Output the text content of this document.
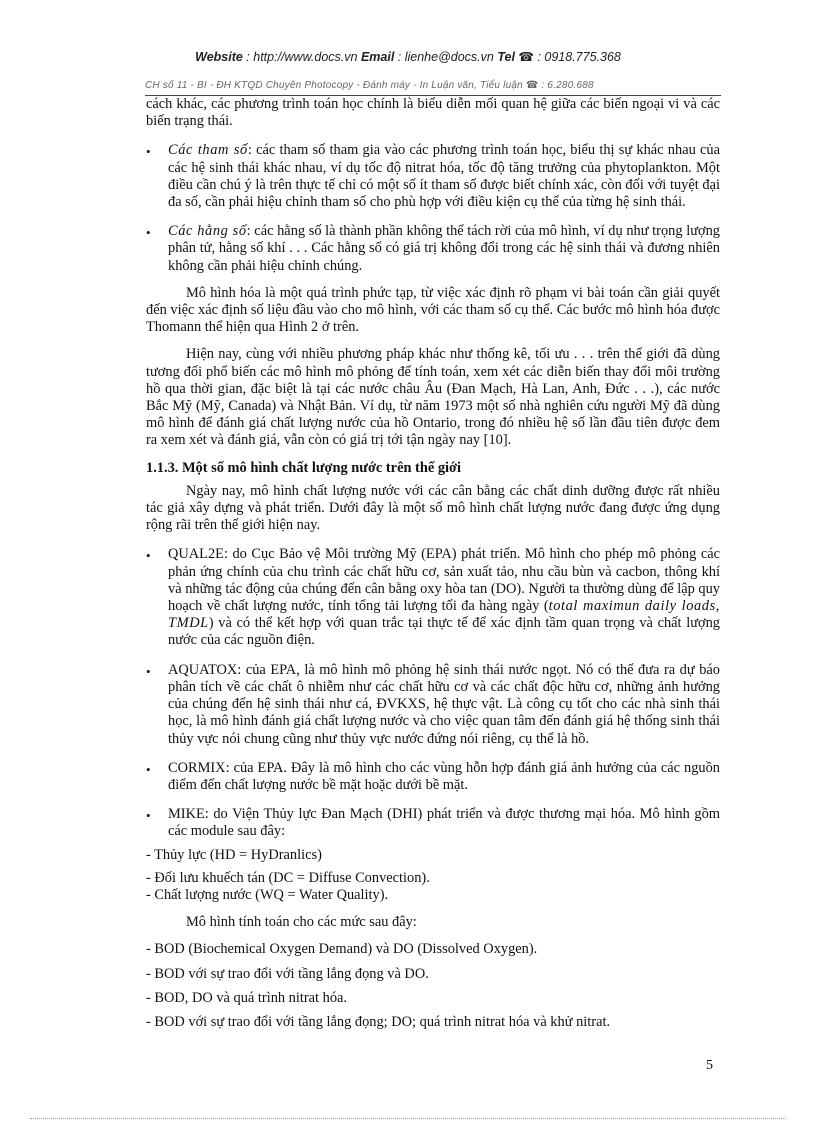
Website : http://www.docs.vn Email : lienhe@docs.vn Tel ☎ : 0918.775.368
CH số 11 - BI - ĐH KTQD Chuyên Photocopy - Đánh máy - In Luận văn, Tiểu luận ☎ : 6.280.688

cách khác, các phương trình toán học chính là biểu diễn mối quan hệ giữa các biến ngoại vi và các biến trạng thái.

• Các tham số: các tham số tham gia vào các phương trình toán học, biểu thị sự khác nhau của các hệ sinh thái khác nhau, ví dụ tốc độ nitrat hóa, tốc độ tăng trưởng của phytoplankton. Một điều cần chú ý là trên thực tế chỉ có một số ít tham số được biết chính xác, còn đối với tuyệt đại đa số, cần phải hiệu chỉnh tham số cho phù hợp với điều kiện cụ thể của từng hệ sinh thái.

• Các hằng số: các hằng số là thành phần không thể tách rời của mô hình, ví dụ như trọng lượng phân tử, hằng số khí . . . Các hằng số có giá trị không đổi trong các hệ sinh thái và đương nhiên không cần phải hiệu chỉnh chúng.

Mô hình hóa là một quá trình phức tạp, từ việc xác định rõ phạm vi bài toán cần giải quyết đến việc xác định số liệu đầu vào cho mô hình, với các tham số cụ thể. Các bước mô hình hóa được Thomann thể hiện qua Hình 2 ở trên.

Hiện nay, cùng với nhiều phương pháp khác như thống kê, tối ưu . . . trên thế giới đã dùng tương đối phổ biến các mô hình mô phỏng để tính toán, xem xét các diễn biến thay đổi môi trường hồ qua thời gian, đặc biệt là tại các nước châu Âu (Đan Mạch, Hà Lan, Anh, Đức . . .), các nước Bắc Mỹ (Mỹ, Canada) và Nhật Bản. Ví dụ, từ năm 1973 một số nhà nghiên cứu người Mỹ đã dùng mô hình để đánh giá chất lượng nước của hồ Ontario, trong đó nhiều hệ số lần đầu tiên được đem ra xem xét và đánh giá, vẫn còn có giá trị tới tận ngày nay [10].

1.1.3. Một số mô hình chất lượng nước trên thế giới

Ngày nay, mô hình chất lượng nước với các cân bằng các chất dinh dưỡng được rất nhiều tác giả xây dựng và phát triển. Dưới đây là một số mô hình chất lượng nước đang được ứng dụng rộng rãi trên thế giới hiện nay.

• QUAL2E: do Cục Bảo vệ Môi trường Mỹ (EPA) phát triển. Mô hình cho phép mô phỏng các phản ứng chính của chu trình các chất hữu cơ, sản xuất tảo, nhu cầu bùn và cacbon, thông khí và những tác động của chúng đến cân bằng oxy hòa tan (DO). Người ta thường dùng để lập quy hoạch về chất lượng nước, tính tổng tải lượng tối đa hàng ngày (total maximun daily loads, TMDL) và có thể kết hợp với quan trắc tại thực tế để xác định tầm quan trọng và chất lượng nước của các nguồn điện.

• AQUATOX: của EPA, là mô hình mô phỏng hệ sinh thái nước ngọt. Nó có thể đưa ra dự báo phân tích về các chất ô nhiễm như các chất hữu cơ và các chất độc hữu cơ, những ảnh hưởng của chúng đến hệ sinh thái như cá, ĐVKXS, hệ thực vật. Là công cụ tốt cho các nhà sinh thái học, là mô hình đánh giá chất lượng nước và cho việc quan tâm đến đánh giá hệ thống sinh thái thủy vực nói chung cũng như thủy vực nước đứng nói riêng, cụ thể là hồ.

• CORMIX: của EPA. Đây là mô hình cho các vùng hỗn hợp đánh giá ảnh hưởng của các nguồn điểm đến chất lượng nước bề mặt hoặc dưới bề mặt.

• MIKE: do Viện Thủy lực Đan Mạch (DHI) phát triển và được thương mại hóa. Mô hình gồm các module sau đây:

- Thủy lực (HD = HyDranlics)

- Đối lưu khuếch tán (DC = Diffuse Convection).

- Chất lượng nước (WQ = Water Quality).

Mô hình tính toán cho các mức sau đây:

- BOD (Biochemical Oxygen Demand) và DO (Dissolved Oxygen).

- BOD với sự trao đổi với tầng lắng đọng và DO.

- BOD, DO và quá trình nitrat hóa.

- BOD với sự trao đổi với tầng lắng đọng; DO; quá trình nitrat hóa và khử nitrat.

5
